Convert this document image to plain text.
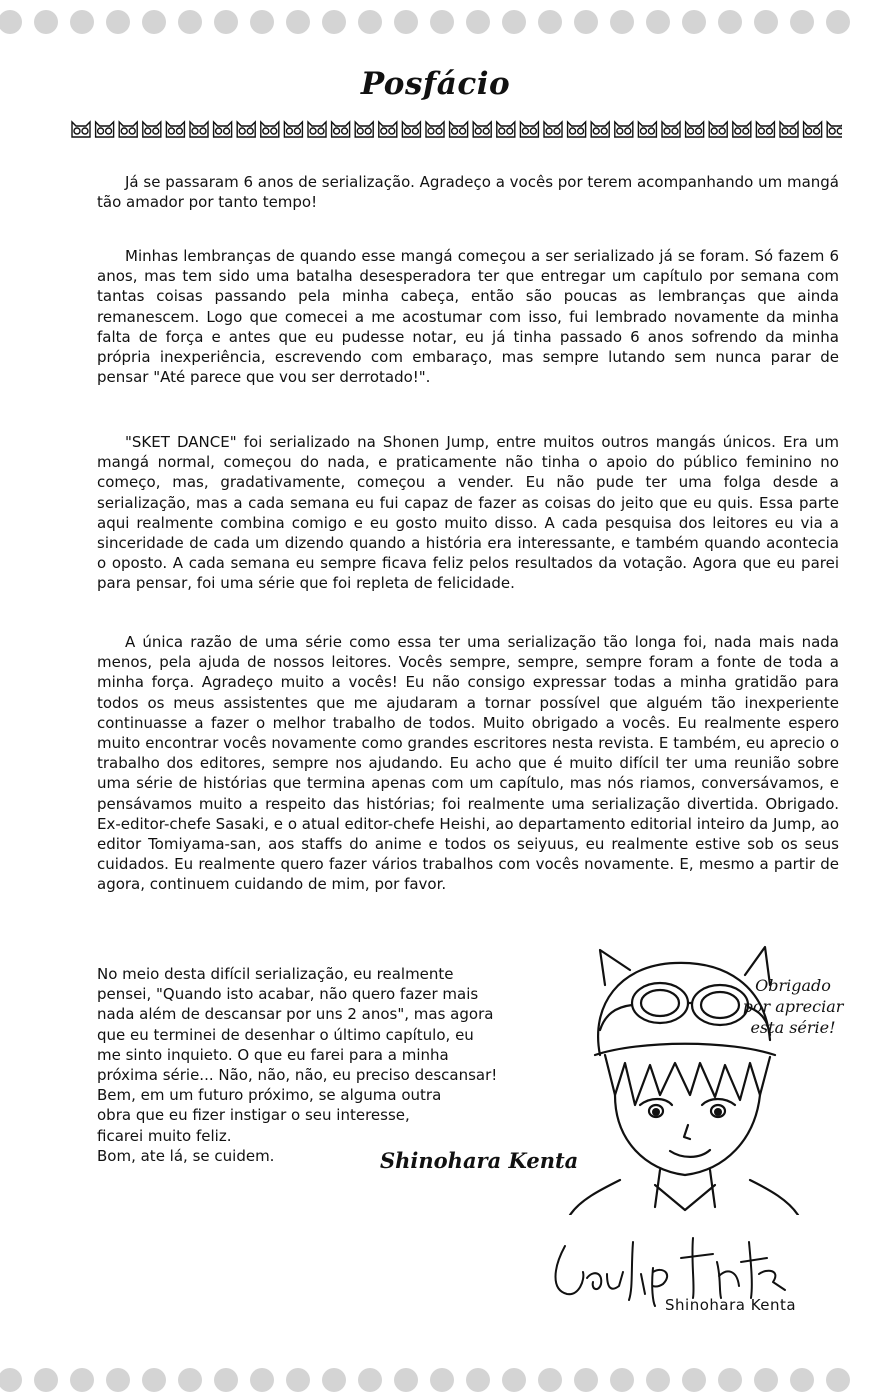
Posfácio

Já se passaram 6 anos de serialização. Agradeço a vocês por terem acompanhando um mangá tão amador por tanto tempo!

Minhas lembranças de quando esse mangá começou a ser serializado já se foram. Só fazem 6 anos, mas tem sido uma batalha desesperadora ter que entregar um capítulo por semana com tantas coisas passando pela minha cabeça, então são poucas as lembranças que ainda remanescem. Logo que comecei a me acostumar com isso, fui lembrado novamente da minha falta de força e antes que eu pudesse notar, eu já tinha passado 6 anos sofrendo da minha própria inexperiência, escrevendo com embaraço, mas sempre lutando sem nunca parar de pensar "Até parece que vou ser derrotado!".

"SKET DANCE" foi serializado na Shonen Jump, entre muitos outros mangás únicos. Era um mangá normal, começou do nada, e praticamente não tinha o apoio do público feminino no começo, mas, gradativamente, começou a vender. Eu não pude ter uma folga desde a serialização, mas a cada semana eu fui capaz de fazer as coisas do jeito que eu quis. Essa parte aqui realmente combina comigo e eu gosto muito disso. A cada pesquisa dos leitores eu via a sinceridade de cada um dizendo quando a história era interessante, e também quando acontecia o oposto. A cada semana eu sempre ficava feliz pelos resultados da votação. Agora que eu parei para pensar, foi uma série que foi repleta de felicidade.

A única razão de uma série como essa ter uma serialização tão longa foi, nada mais nada menos, pela ajuda de nossos leitores. Vocês sempre, sempre, sempre foram a fonte de toda a minha força. Agradeço muito a vocês! Eu não consigo expressar todas a minha gratidão para todos os meus assistentes que me ajudaram a tornar possível que alguém tão inexperiente continuasse a fazer o melhor trabalho de todos. Muito obrigado a vocês. Eu realmente espero muito encontrar vocês novamente como grandes escritores nesta revista. E também, eu aprecio o trabalho dos editores, sempre nos ajudando. Eu acho que é muito difícil ter uma reunião sobre uma série de histórias que termina apenas com um capítulo, mas nós riamos, conversávamos, e pensávamos muito a respeito das histórias; foi realmente uma serialização divertida. Obrigado. Ex-editor-chefe Sasaki, e o atual editor-chefe Heishi, ao departamento editorial inteiro da Jump, ao editor Tomiyama-san, aos staffs do anime e todos os seiyuus, eu realmente estive sob os seus cuidados. Eu realmente quero fazer vários trabalhos com vocês novamente. E, mesmo a partir de agora, continuem cuidando de mim, por favor.

No meio desta difícil serialização, eu realmente
pensei, "Quando isto acabar, não quero fazer mais
nada além de descansar por uns 2 anos", mas agora
que eu terminei de desenhar o último capítulo, eu
me sinto inquieto. O que eu farei para a minha
próxima série... Não, não, não, eu preciso descansar!
Bem, em um futuro próximo, se alguma outra
obra que eu fizer instigar o seu interesse,
ficarei muito feliz.
Bom, ate lá, se cuidem.

Obrigado
por apreciar
esta série!
Shinohara Kenta
Shinohara Kenta
